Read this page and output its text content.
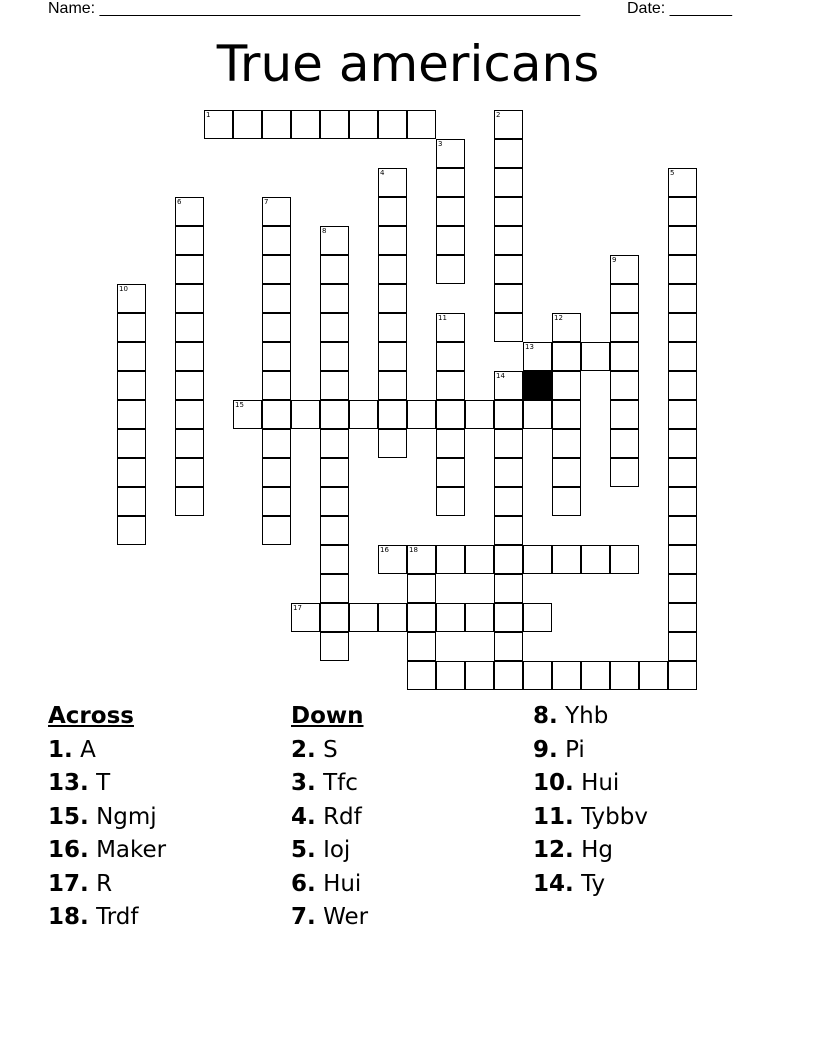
Name: ______________________________________________________	Date: _______
True americans
10
6
1
15
7
17
8
4
18
3
11
2
14
13
12
9
5
16
Across
1. A
13. T
15. Ngmj
16. Maker
17. R
18. Trdf
Down
2. S
3. Tfc
4. Rdf
5. Ioj
6. Hui
7. Wer
8. Yhb
9. Pi
10. Hui
11. Tybbv
12. Hg
14. Ty
